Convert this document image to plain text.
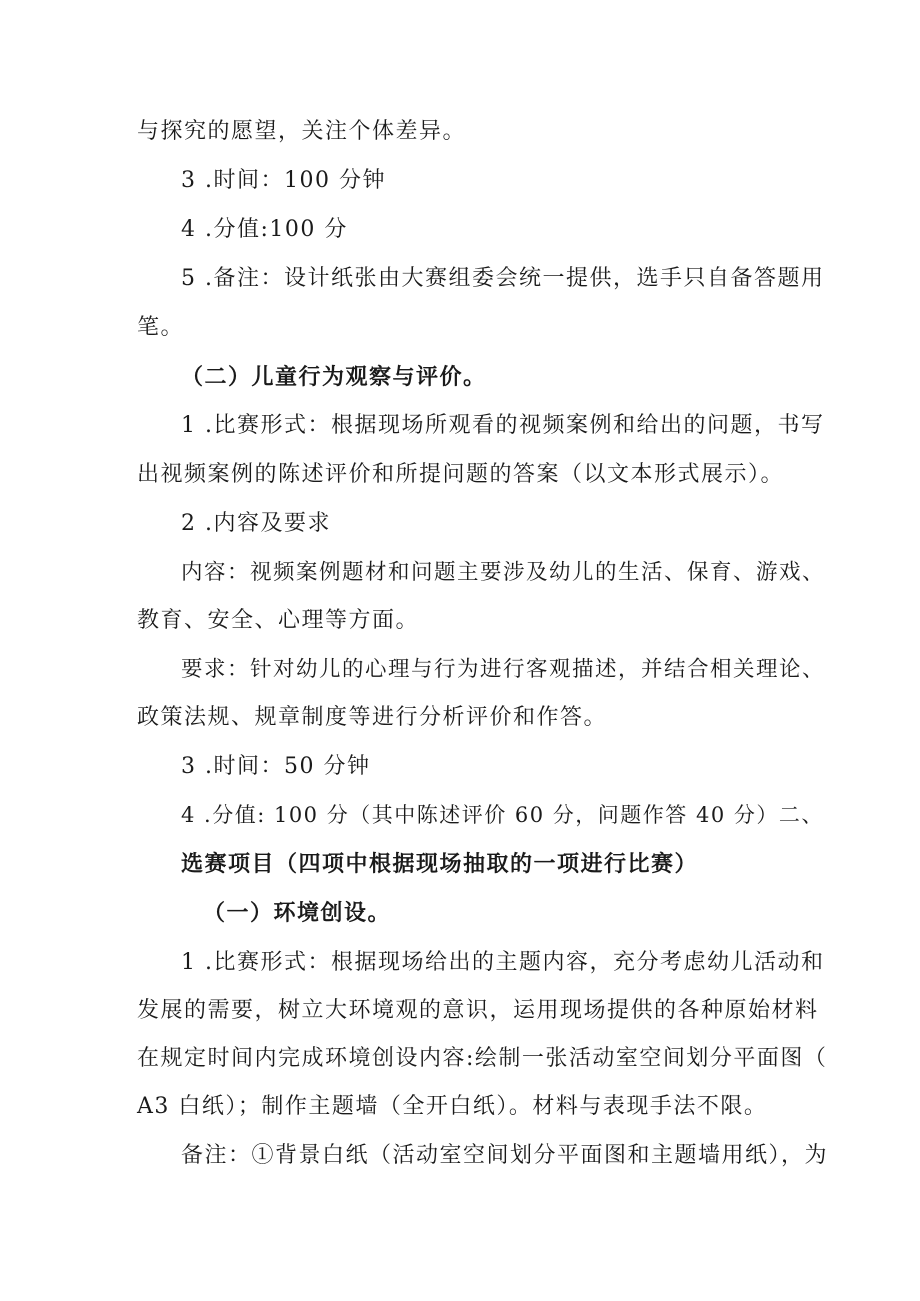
与探究的愿望，关注个体差异。
3 .时间：100 分钟
4 .分值:100 分
5 .备注：设计纸张由大赛组委会统一提供，选手只自备答题用
笔。
（二）儿童行为观察与评价。
1 .比赛形式：根据现场所观看的视频案例和给出的问题，书写
出视频案例的陈述评价和所提问题的答案（以文本形式展示）。
2 .内容及要求
内容：视频案例题材和问题主要涉及幼儿的生活、保育、游戏、
教育、安全、心理等方面。
要求：针对幼儿的心理与行为进行客观描述，并结合相关理论、
政策法规、规章制度等进行分析评价和作答。
3 .时间：50 分钟
4 .分值: 100 分（其中陈述评价 60 分，问题作答 40 分）二、
选赛项目（四项中根据现场抽取的一项进行比赛）
（一）环境创设。
1 .比赛形式：根据现场给出的主题内容，充分考虑幼儿活动和
发展的需要，树立大环境观的意识，运用现场提供的各种原始材料
在规定时间内完成环境创设内容:绘制一张活动室空间划分平面图（
A3 白纸）；制作主题墙（全开白纸）。材料与表现手法不限。
备注：①背景白纸（活动室空间划分平面图和主题墙用纸），为
